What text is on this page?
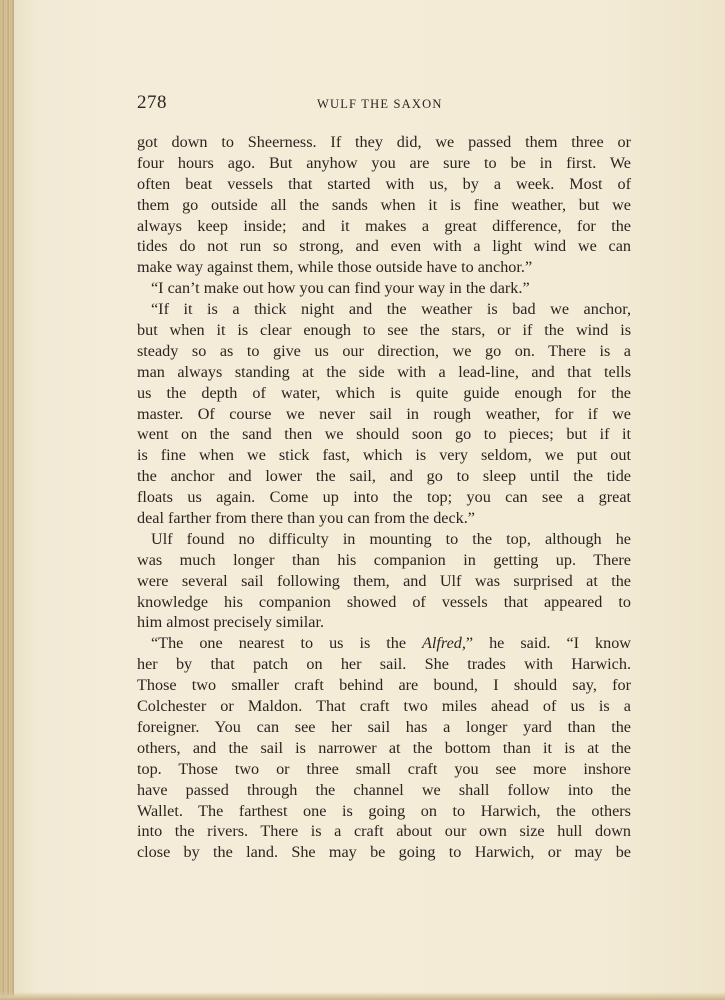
278	WULF THE SAXON
got down to Sheerness. If they did, we passed them three or
four hours ago. But anyhow you are sure to be in first. We
often beat vessels that started with us, by a week. Most of
them go outside all the sands when it is fine weather, but we
always keep inside; and it makes a great difference, for the
tides do not run so strong, and even with a light wind we can
make way against them, while those outside have to anchor.”
“I can’t make out how you can find your way in the dark.”
“If it is a thick night and the weather is bad we anchor,
but when it is clear enough to see the stars, or if the wind is
steady so as to give us our direction, we go on. There is a
man always standing at the side with a lead-line, and that tells
us the depth of water, which is quite guide enough for the
master. Of course we never sail in rough weather, for if we
went on the sand then we should soon go to pieces; but if it
is fine when we stick fast, which is very seldom, we put out
the anchor and lower the sail, and go to sleep until the tide
floats us again. Come up into the top; you can see a great
deal farther from there than you can from the deck.”
Ulf found no difficulty in mounting to the top, although he
was much longer than his companion in getting up. There
were several sail following them, and Ulf was surprised at the
knowledge his companion showed of vessels that appeared to
him almost precisely similar.
“The one nearest to us is the Alfred,” he said. “I know
her by that patch on her sail. She trades with Harwich.
Those two smaller craft behind are bound, I should say, for
Colchester or Maldon. That craft two miles ahead of us is a
foreigner. You can see her sail has a longer yard than the
others, and the sail is narrower at the bottom than it is at the
top. Those two or three small craft you see more inshore
have passed through the channel we shall follow into the
Wallet. The farthest one is going on to Harwich, the others
into the rivers. There is a craft about our own size hull down
close by the land. She may be going to Harwich, or may be
